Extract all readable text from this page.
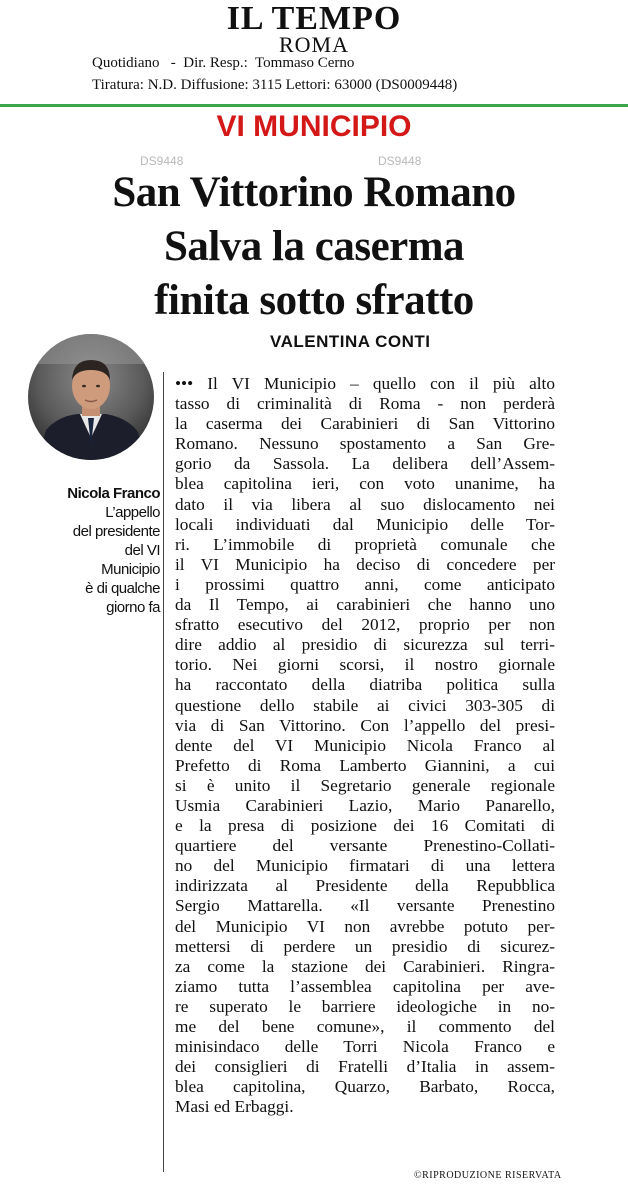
IL TEMPO
ROMA
Quotidiano   -  Dir. Resp.:  Tommaso Cerno
Tiratura: N.D. Diffusione: 3115 Lettori: 63000 (DS0009448)
VI MUNICIPIO
DS9448	DS9448
San Vittorino Romano
Salva la caserma
finita sotto sfratto
VALENTINA CONTI
Nicola Franco
L’appello
del presidente
del VI
Municipio
è di qualche
giorno fa
••• Il VI Municipio – quello con il più alto
tasso di criminalità di Roma - non perderà
la caserma dei Carabinieri di San Vittorino
Romano. Nessuno spostamento a San Gre-
gorio da Sassola. La delibera dell’Assem-
blea capitolina ieri, con voto unanime, ha
dato il via libera al suo dislocamento nei
locali individuati dal Municipio delle Tor-
ri. L’immobile di proprietà comunale che
il VI Municipio ha deciso di concedere per
i prossimi quattro anni, come anticipato
da Il Tempo, ai carabinieri che hanno uno
sfratto esecutivo del 2012, proprio per non
dire addio al presidio di sicurezza sul terri-
torio. Nei giorni scorsi, il nostro giornale
ha raccontato della diatriba politica sulla
questione dello stabile ai civici 303-305 di
via di San Vittorino. Con l’appello del presi-
dente del VI Municipio Nicola Franco al
Prefetto di Roma Lamberto Giannini, a cui
si è unito il Segretario generale regionale
Usmia Carabinieri Lazio, Mario Panarello,
e la presa di posizione dei 16 Comitati di
quartiere del versante Prenestino-Collati-
no del Municipio firmatari di una lettera
indirizzata al Presidente della Repubblica
Sergio Mattarella. «Il versante Prenestino
del Municipio VI non avrebbe potuto per-
mettersi di perdere un presidio di sicurez-
za come la stazione dei Carabinieri. Ringra-
ziamo tutta l’assemblea capitolina per ave-
re superato le barriere ideologiche in no-
me del bene comune», il commento del
minisindaco delle Torri Nicola Franco e
dei consiglieri di Fratelli d’Italia in assem-
blea capitolina, Quarzo, Barbato, Rocca,
Masi ed Erbaggi.
©RIPRODUZIONE RISERVATA
